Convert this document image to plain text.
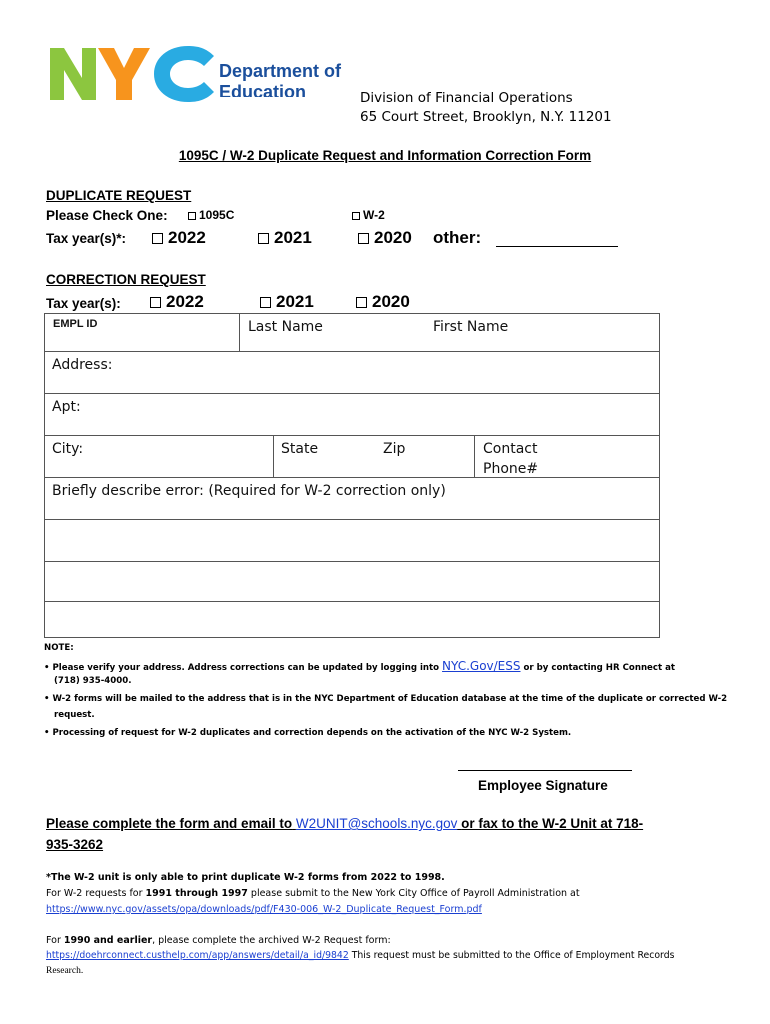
Department of
Education	Division of Financial Operations
65 Court Street, Brooklyn, N.Y. 11201
1095C / W-2 Duplicate Request and Information Correction Form
DUPLICATE REQUEST
Please Check One:	1095C	W-2
Tax year(s)*:	2022	2021	2020 other:
CORRECTION REQUEST
Tax year(s):	2022	2021	2020
EMPL ID	Last Name	First Name
Address:
Apt:
City:	State	Zip	Contact
Phone#
Briefly describe error: (Required for W-2 correction only)
NOTE:
• Please verify your address. Address corrections can be updated by logging into NYC.Gov/ESS or by contacting HR Connect at
(718) 935-4000.
• W-2 forms will be mailed to the address that is in the NYC Department of Education database at the time of the duplicate or corrected W-2
request.
• Processing of request for W-2 duplicates and correction depends on the activation of the NYC W-2 System.
Employee Signature
Please complete the form and email to W2UNIT@schools.nyc.gov or fax to the W-2 Unit at 718-
935-3262
*The W-2 unit is only able to print duplicate W-2 forms from 2022 to 1998.
For W-2 requests for 1991 through 1997 please submit to the New York City Office of Payroll Administration at
https://www.nyc.gov/assets/opa/downloads/pdf/F430-006_W-2_Duplicate_Request_Form.pdf
For 1990 and earlier, please complete the archived W-2 Request form:
https://doehrconnect.custhelp.com/app/answers/detail/a_id/9842 This request must be submitted to the Office of Employment Records
Research.
